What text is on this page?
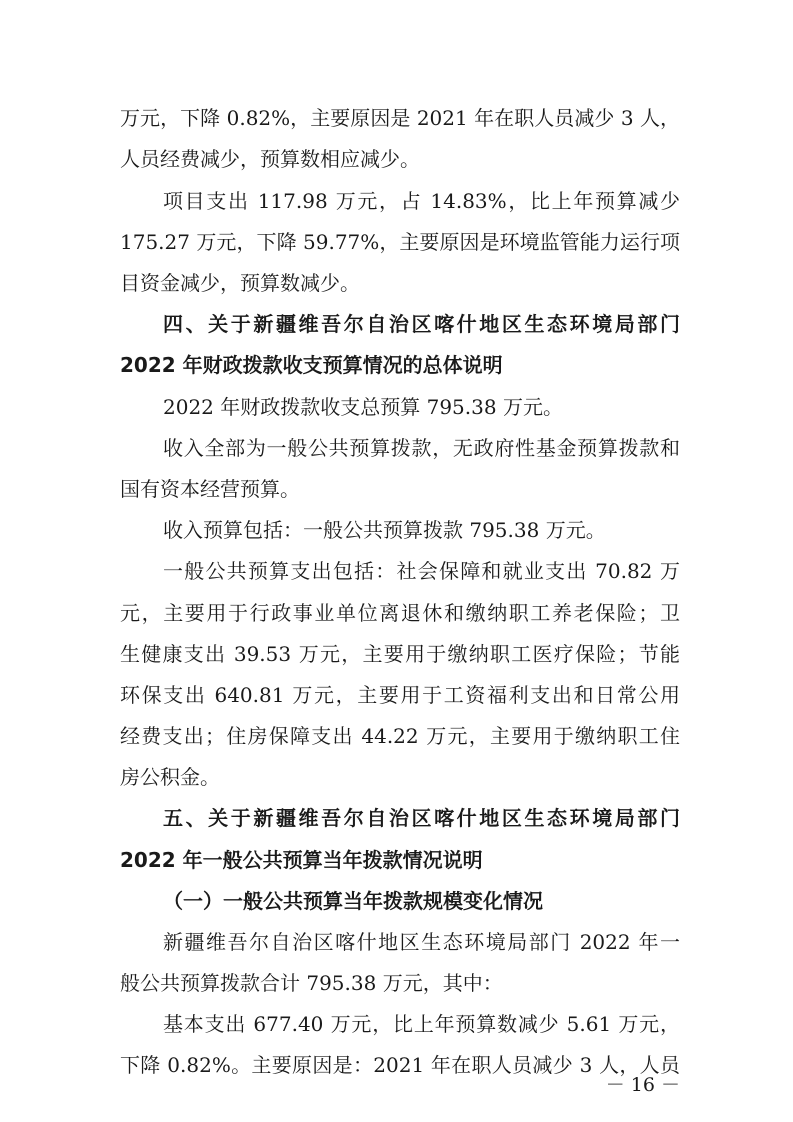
万元，下降 0.82%，主要原因是 2021 年在职人员减少 3 人，
人员经费减少，预算数相应减少。
项目支出 117.98 万元，占 14.83%，比上年预算减少
175.27 万元，下降 59.77%，主要原因是环境监管能力运行项
目资金减少，预算数减少。
四、关于新疆维吾尔自治区喀什地区生态环境局部门
2022 年财政拨款收支预算情况的总体说明
2022 年财政拨款收支总预算 795.38 万元。
收入全部为一般公共预算拨款，无政府性基金预算拨款和
国有资本经营预算。
收入预算包括：一般公共预算拨款 795.38 万元。
一般公共预算支出包括：社会保障和就业支出 70.82 万
元，主要用于行政事业单位离退休和缴纳职工养老保险；卫
生健康支出 39.53 万元，主要用于缴纳职工医疗保险；节能
环保支出 640.81 万元，主要用于工资福利支出和日常公用
经费支出；住房保障支出 44.22 万元，主要用于缴纳职工住
房公积金。
五、关于新疆维吾尔自治区喀什地区生态环境局部门
2022 年一般公共预算当年拨款情况说明
（一）一般公共预算当年拨款规模变化情况
新疆维吾尔自治区喀什地区生态环境局部门 2022 年一
般公共预算拨款合计 795.38 万元，其中：
基本支出 677.40 万元，比上年预算数减少 5.61 万元，
下降 0.82%。主要原因是：2021 年在职人员减少 3 人，人员
－ 16 －
